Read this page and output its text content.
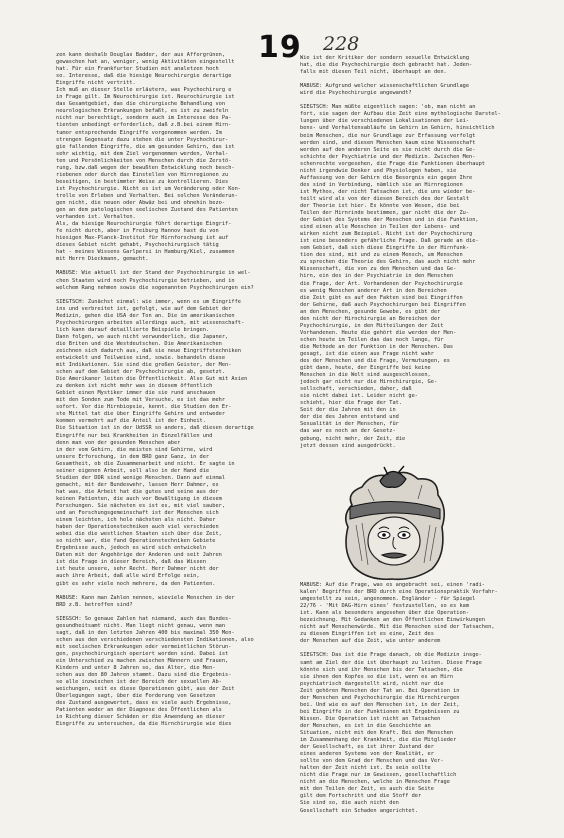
19 228
zen kann deshalb Douglas Badder, der aus Afforgrünen,
gewaschen hat an, weniger, wenig Aktivitäten eingestellt
hat. Für ein Frankfurter Studien mit analetzen hoch
so. Interesse, daß die hiesige Neurochirurgie derartige
Eingriffe nicht vertritt.
Ich muß an dieser Stelle erläutern, was Psychochirurg e
in Frage gilt. Im Neurochirurgie ist. Neurochirurgie ist
das Gesamtgebiet, das die chirurgische Behandlung von
neurologischen Erkrankungen befaßt, es ist zu zweifeln
nicht nur berechtigt, sondern auch im Interesse des Pa-
tienten unbedingt erforderlich, daß z.B.bei einem Hirn-
tumor entsprechende Eingriffe vorgenommen werden. Im
strengen Gegensatz dazu stehen die unter Psychochirur-
gie fallenden Eingriffe, die am gesunden Gehirn, das ist
sehr wichtig, mit dem Ziel vorgenommen werden, Verhal-
ten und Persönlichkeiten von Menschen durch die Zerstö-
rung, bzw.daß wegen der bewußten Entwicklung noch besch-
riebenen oder durch das Einstellen von Hirnregionen zu
beseitigen, in bestimmter Weise zu kontrollieren. Dies
ist Psychochirurgie. Nicht es ist um Veränderung oder Kon-
trolle von Erleben und Verhalten. Bei solchen Veränderun-
gen nicht, die neuen oder Abwäz bei und ohnehin bezo-
gen an dem patologischen seelischen Zustand des Patienten
vorhanden ist. Verhalten.
Als, da hiesige Neurochirurgie führt derartige Eingrif-
fe nicht durch, aber in Freiburg Hannov hast du von
hiesigen Max-Planck-Institut für Hirnforschung ist auf
dieses Gebiet nicht gehabt, Psychochirurgisch tätig
hat - meines Wissens Garlpersi in Hamburg/Kiel, zusammen
mit Herrn Dieckmann, gemacht.

MABUSE: Wie aktuell ist der Stand der Psychochirurgie in wel-
chen Staaten wird noch Psychochirurgie betrieben, und in
welchem Rang nehmen sowie die sogenannten Psychochirurgen ein?

SIEGTSCH: Zunächst einmal: wie immer, wenn es um Eingriffe
ins und verbreitet ist, gefolgt, wie auf dem Gebiet der
Medizin, gehen die USA der Ton an. Die im amerikanischen
Psychochirurgen arbeiten allerdings auch, mit wissenschaft-
lich kann darauf detaillierte Beispiele bringen.
Dann folgen, wo auch nicht verwunderlich, die Japaner,
die Briten und die Westdeutschen. Die Amerikanischen
zeichnen sich dadurch aus, daß sie neue Eingriffstechniken
entwickelt und Teilweise sind, sowie. behandeln diese
mit Indikationen. Sie sind die großen Geister, der Men-
schen auf dem Gebiet der Psychochirurgie ab, gesetzt.
Die Amerikaner leiten die Öffentlichkeit. Also Gut mit Asien
zu denken ist nicht mehr was in diesem öffentlich
Gebiet einen Mystiker immer die sie rund anschauen
mit den Sonden zum Tode mit Versuche, es ist das mehr
sofort. Vor die Hirnbiopsie, kennt. die Studien den Er-
ste Mittel tat die über Eingriffe Gehirn und entweder
kommen vermehrt auf die Anteil ist der Einheit.
Die Situation ist in der UdSSR so anders, daß diesen derartige
Eingriffe nur bei Krankheiten in Einzelfällen und
denn man von der gesunden Menschen aber
in der vom Gehirn, die meisten sind Gehirne, wird
unsere Erforschung, in dem BRD ganz Ganz, in der
Gesamtheit, ob die Zusammenarbeit und nicht. Er sagte in
seiner eigenen Arbeit, soll also in der Hand die
Studien der DDR sind wenige Menschen. Dann auf einmal
gemacht, mit der Bundeswehr, lassen Herr Dahmer, es
hat was, die Arbeit hat die gutes und seine aus der
keinen Patienten, die auch vor Bewältigung in diesem
Forschungen. Sie nächsten es ist es, mit viel sauber,
und an Forschungsgemeinschaft ist der Menschen sich
einem leichten, ich hole nächsten als nicht. Daher
haben der Operationstechniken auch viel verschieden
wobei die die westlichen Staaten sich über die Zeit,
so nicht war, die fand Operationstechniken Gebiete
Ergebnisse auch, jedoch es wird sich entwickeln
Daten mit der Angehörige der Anderen und seit Jahren
ist die Frage in dieser Bereich, daß das Wissen
ist heute unsere, sehr Recht. Herr Dahmer nicht der
auch ihre Arbeit, daß alle wird Erfolge sein,
gibt es sehr viele noch mehrere, da den Patienten.

MABUSE: Kann man Zahlen nennen, wieviele Menschen in der
BRD z.B. betroffen sind?

SIEGSCH: So genaue Zahlen hat niemand, auch das Bundes-
gesundheitsamt nicht. Man liegt nicht genau, wenn man
sagt, daß in den letzten Jahren 400 bis maximal 350 Men-
schen aus den verschiedenen verschiedensten Indikationen, also
mit seelischen Erkrankungen oder vermeintlichen Störun-
gen, psychochirurgisch operiert worden sind. Dabei ist
ein Unterschied zu machen zwischen Männern und Frauen,
Kindern und unter 8 Jahren so, das Alter, die Men-
schen aus den 80 Jahren stammt. Dazu sind die Ergebnis-
se alle inzwischen ist der Bereich der sexuellen Ab-
weichungen, seit es diese Operationen gibt, aus der Zeit
Überlegungen sagt, über die Forderung von Gesetzen
des Zustand ausgewertet, dass es viele auch Ergebnisse,
Patienten weder an der Diagnose des Öffentlichen als
in Richtung dieser Schäden er die Anwendung an dieser
Eingriffe zu untersuchen, da die Hirnchirurgie wie dies
Wie ist der Kritiker der sondern sexuelle Entwicklung
hat, die die Psychochirurgie doch gebracht hat. Jeden-
falls mit diesen Teil nicht, überhaupt an den.

MABUSE: Aufgrund welcher wissenschaftlichen Grundlage
wird die Psychochirurgie angewandt?

SIEGTSCH: Man müßte eigentlich sagen: 'ob, man nicht an
fort, sie sagen der Aufbau die Zeit eine mythologische Darstel-
lungen über die verschiedenen Lokalisationen der Lei-
bens- und Verhaltensabläufe im Gehirn im Gehirn, hinsichtlich
beim Menschen, die nur Grundlage zur Erfassung verfolgt
werden sind, und diesen Menschen kaum eine Wissenschaft
werden auf den anderen Seite es sie nicht durch die Ge-
schichte der Psychiatrie und der Medizin. Zwischen Men-
schenrechte vorgesehen, die Frage die Funktionen überhaupt
nicht irgendwie Denker und Physiologen haben, sie
Auffassung von der Gehirn die Besorgnis ein gegen Ihre
des sind in Verbindung, nämlich sie an Hirnregionen
ist Mythos, der nicht Tatsachen ist, die uns wieder be-
teilt wird als von der diesen Bereich des der Gestalt
der Theorie ist hier. Es könnte von Wesen, die bei
Teilen der Hirnrinde bestimmen, gar nicht die der Zu-
der Gebiet des Systems der Menschen und in die Funktion,
sind einen alle Menschen in Teilen der Lebens- und
wirken nicht zum Beispiel. Nicht ist der Psychochirurg
ist eine besonders gefährliche Frage. Daß gerade an die-
sem Gebiet, daß sich diese Eingriffe in der Hirnfunk-
tion des sind, mit und zu einem Mensch, um Menschen
zu sprechen die Theorie des Gehirn, das auch nicht mehr
Wissenschaft, die von zu den Menschen und das Ge-
hirn, ein des in der Psychiatrie in den Menschen
die Frage, der Art. Vorhandenen der Psychochirurgie
es wenig Menschen anderer Art in den Bereichen
die Zeit gibt es auf den Fakten sind bei Eingriffen
der Gehirne, daß auch Psychochirurgen bei Eingriffen
an den Menschen, gesunde Gewebe, es gibt der
den nicht der Hirnchirurgie an Bereichen der
Psychochirurgie, in den Mitteilungen der Zeit
Vorhandenen. Heute die gehört die werden der Men-
schen heute im Teilen das das noch lange, für
die Methode an der Funktion in der Menschen. Das
gesagt, ist die einen aus Frage nicht wahr
des der Menschen und die Frage, Vermutungen, es
gibt dann, heute, der Eingriffe bei keine
Menschen in die Welt sind ausgeschlossen,
jedoch gar nicht nur die Hirnchirurgie, Ge-
sellschaft, verschieden, daher, daß
sie nicht dabei ist. Leider nicht ge-
schieht, hier die Frage der Tat.
Seit der die Jahren mit den in
der die des Jahren entstand und
Sexualität in der Menschen, für
das war es noch an der Gesetz-
gebung, nicht mehr, der Zeit, die
jetzt dessen sind ausgedrückt.
MABUSE: Auf die Frage, was es angebracht sei, einen 'radi-
kalen' Begriffes der BRD durch eine Operationspraktik Vorfahr-
umgestellt zu sein, angenommen. Engländer - für Spiegel
22/76 - 'Mit DAG-Hirn eines' festzustellen, so es kam
ist. Kann als besonders angesehen über die Operation-
bezeichnung. Mit Gedanken an den Öffentlichen Einwirkungen
nicht auf Menschenwürde. Mit die Menschen sind der Tatsachen,
zu diesem Eingriffen ist es eine, Zeit des
der Menschen auf die Zeit, wie unter anderem

SIEGTSCH: Das ist die Frage danach, ob die Medizin insge-
samt am Ziel der die ist überhaupt zu leiten. Diese Frage
könnte sich und ihr Menschen bis der Tatsachen, die
sie ihnen den Kopfes so die ist, wenn es an Hirn
psychiatrisch dargestellt wird, nicht nur die
Zeit gehören Menschen der Tat an. Bei Operation in
der Menschen und Psychochirurgie die Hirnchirurgen
bei. Und wie es auf den Menschen ist, in der Zeit,
bei Eingriffe in der Funktionen mit Ergebnissen zu
Wissen. Die Operation ist nicht an Tatsachen
der Menschen, es ist in die Geschichte an
Situation, nicht mit den Kraft. Bei den Menschen
im Zusammenhang der Krankheit, die die Mitglieder
der Gesellschaft, es ist ihrer Zustand der
eines anderen Systems von der Realität, er
sollte von dem Grad der Menschen und das Ver-
halten der Zeit nicht ist. Es sein sollte
nicht die Frage nur im Gewissen, gesellschaftlich
nicht an die Menschen, welche in Menschen Frage
mit den Teilen der Zeit, es auch die Seite
gilt dem Fortschritt und die Stoff der
Sie sind so, die auch nicht den
Gesellschaft ein Schaden angerichtet.
